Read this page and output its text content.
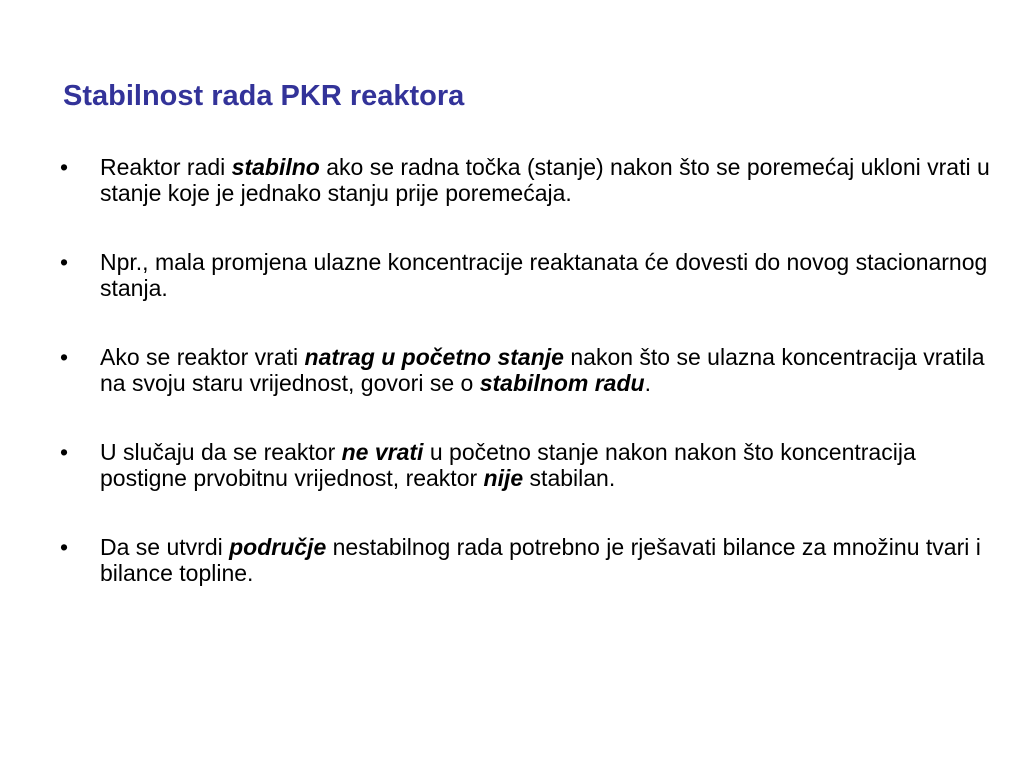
Stabilnost rada PKR reaktora
•	Reaktor radi stabilno ako se radna točka (stanje) nakon što se poremećaj ukloni vrati u stanje koje je jednako stanju prije poremećaja.
•	Npr., mala promjena ulazne koncentracije reaktanata će dovesti do novog stacionarnog stanja.
•	Ako se reaktor vrati natrag u početno stanje nakon što se ulazna koncentracija vratila na svoju staru vrijednost, govori se o stabilnom radu.
•	U slučaju da se reaktor ne vrati u početno stanje nakon nakon što koncentracija postigne prvobitnu vrijednost, reaktor nije stabilan.
•	Da se utvrdi područje nestabilnog rada potrebno je rješavati bilance za množinu tvari i bilance topline.
